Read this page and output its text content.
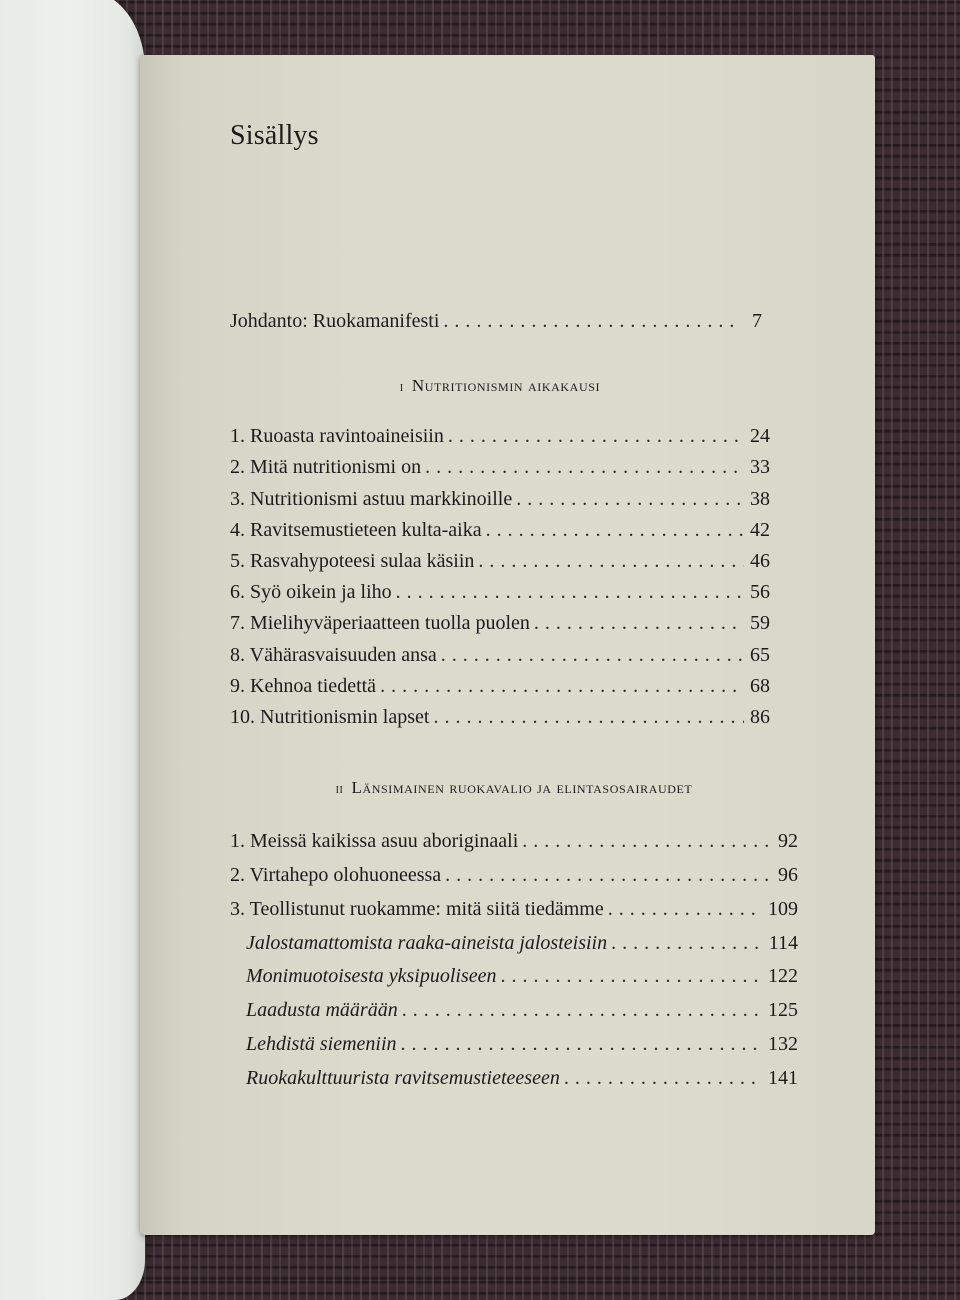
Sisällys
Johdanto: Ruokamanifesti . . .	7
i Nutritionismin aikakausi
1. Ruoasta ravintoaineisiin . . .	24
2. Mitä nutritionismi on . . .	33
3. Nutritionismi astuu markkinoille . . .	38
4. Ravitsemustieteen kulta-aika . . .	42
5. Rasvahypoteesi sulaa käsiin . . .	46
6. Syö oikein ja liho . . .	56
7. Mielihyväperiaatteen tuolla puolen . . .	59
8. Vähärasvaisuuden ansa . . .	65
9. Kehnoa tiedettä . . .	68
10. Nutritionismin lapset . . .	86
ii Länsimainen ruokavalio ja elintasosairaudet
1. Meissä kaikissa asuu aboriginaali . . .	92
2. Virtahepo olohuoneessa . . .	96
3. Teollistunut ruokamme: mitä siitä tiedämme . . .	109
Jalostamattomista raaka-aineista jalosteisiin . . .	114
Monimuotoisesta yksipuoliseen . . .	122
Laadusta määrään . . .	125
Lehdistä siemeniin . . .	132
Ruokakulttuurista ravitsemustieteeseen . . .	141
